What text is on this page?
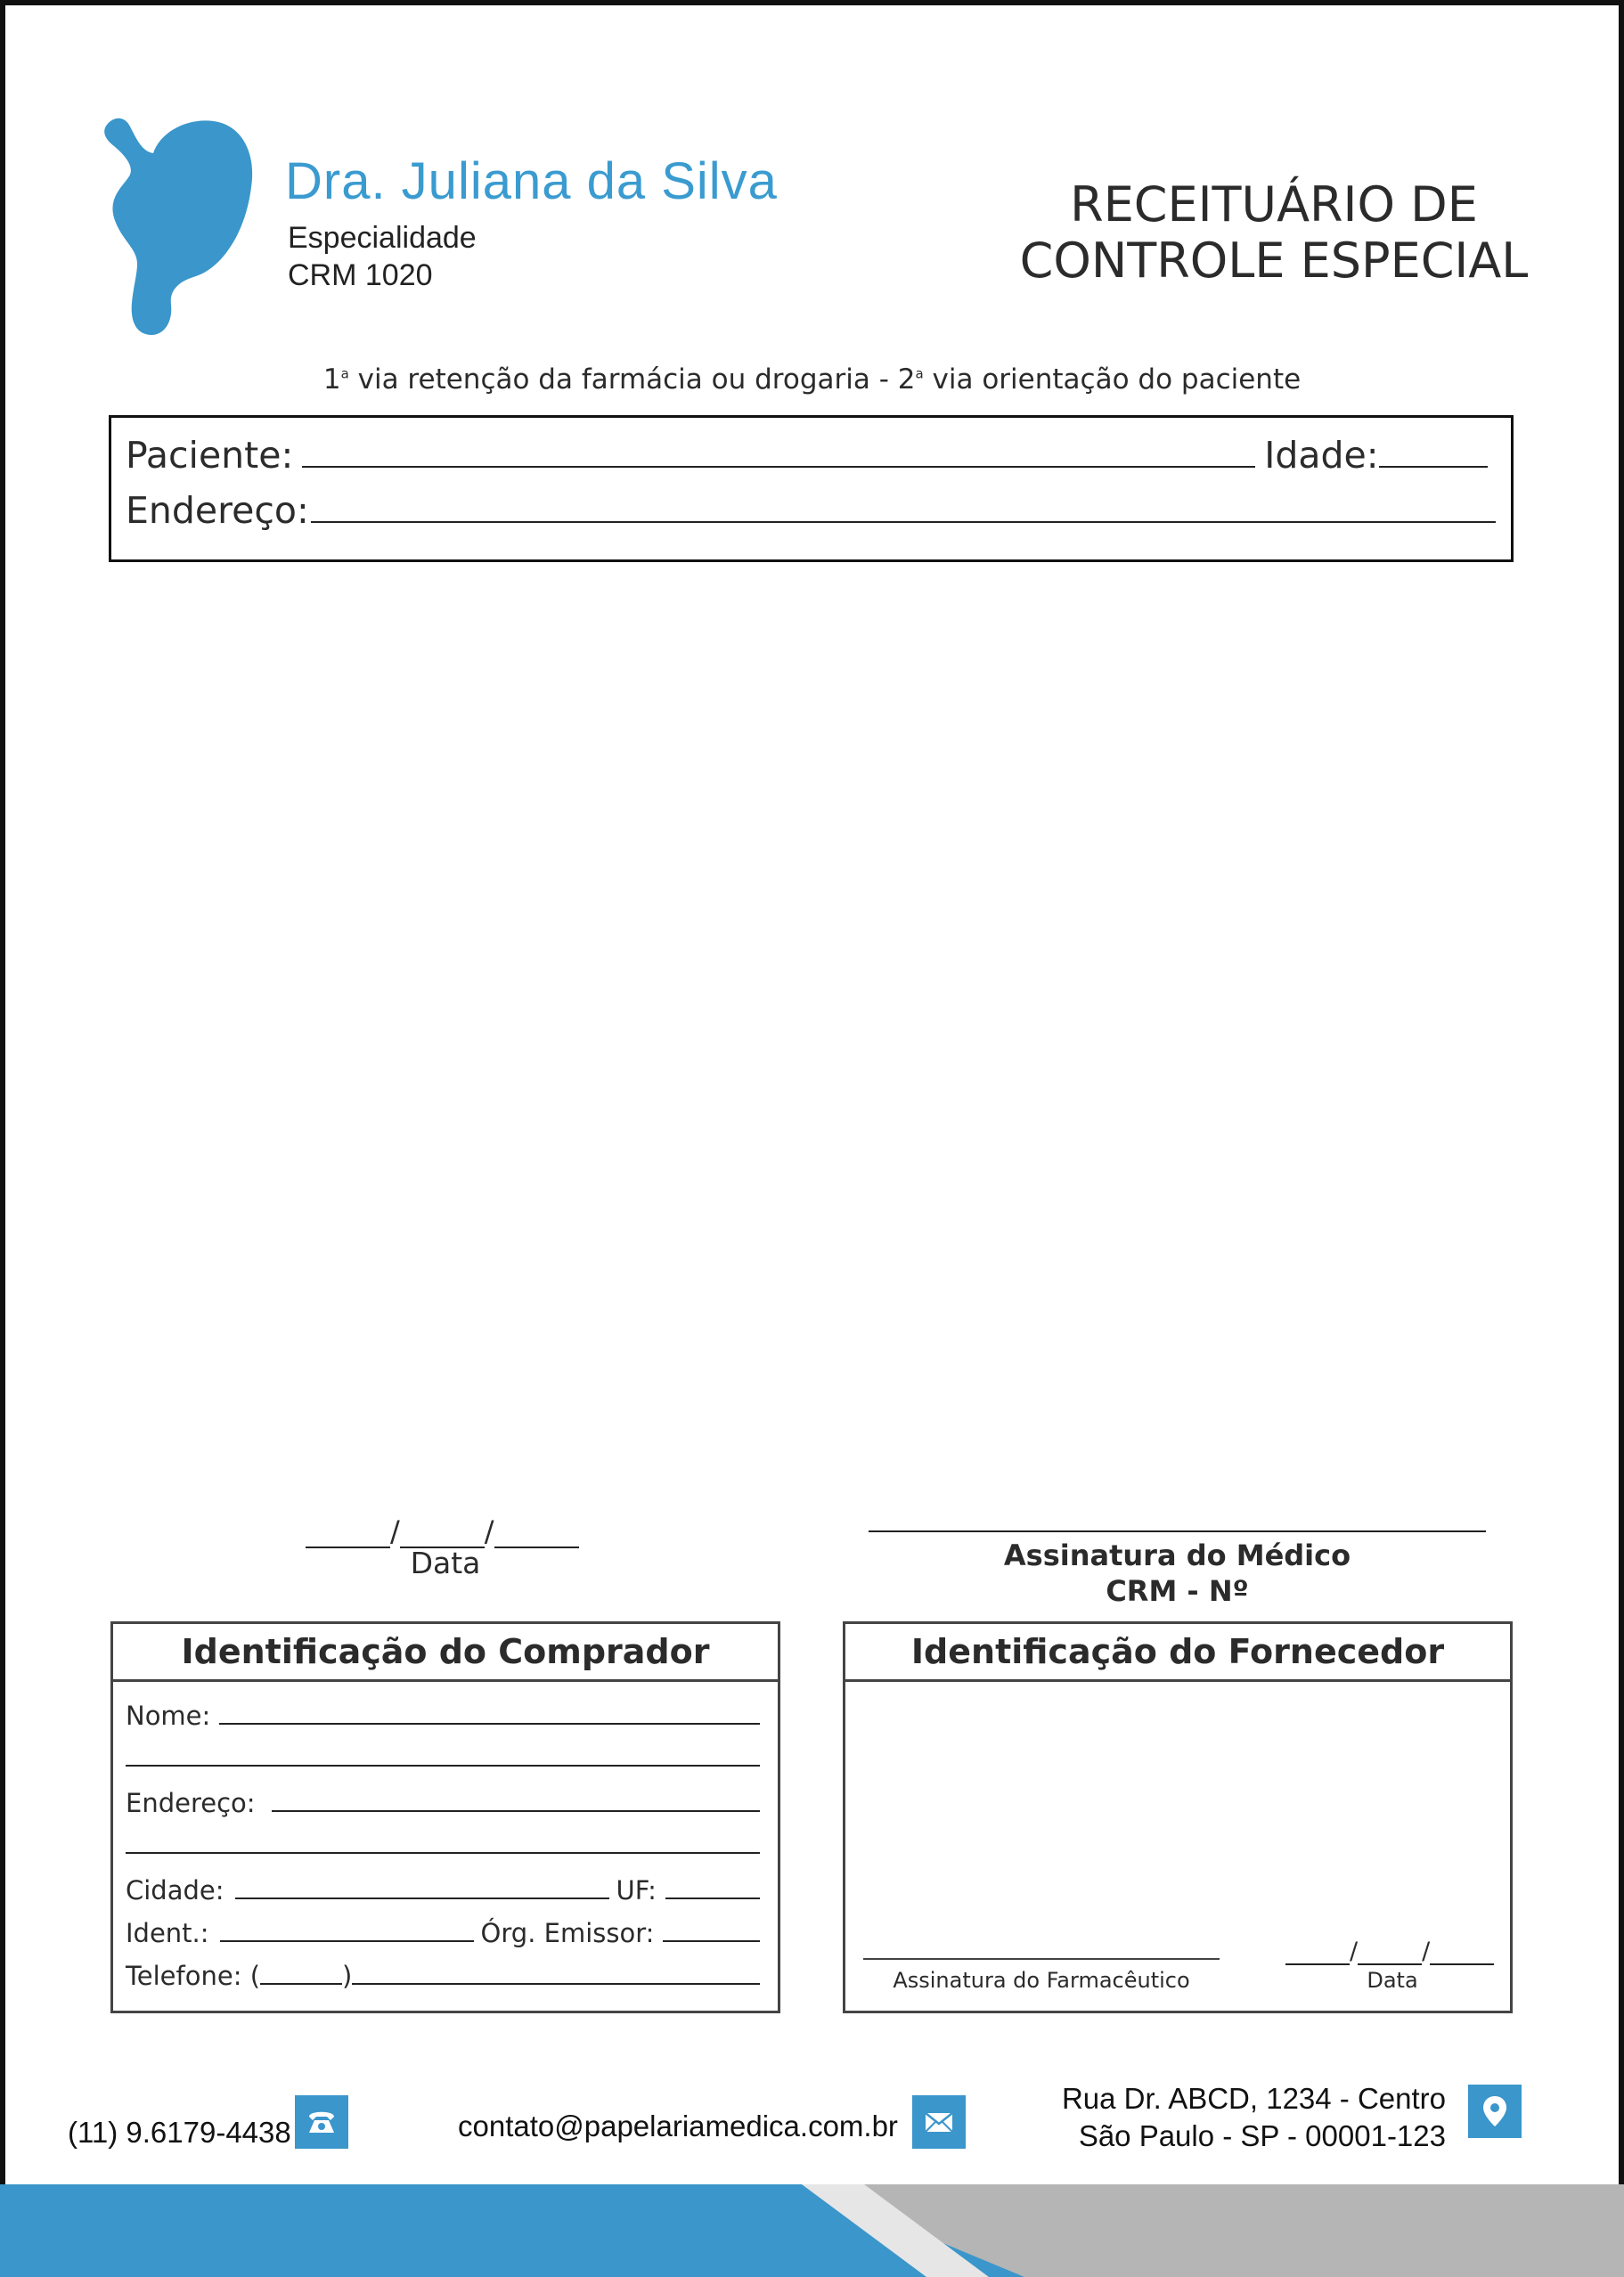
Dra. Juliana da Silva
Especialidade
CRM 1020
RECEITUÁRIO DE
CONTROLE ESPECIAL
1$^a$ via retenção da farmácia ou drogaria - 2$^a$ via orientação do paciente
Paciente:	Idade:
Endereço:
/	/
Data	Assinatura do Médico
CRM - Nº
Identificação do Comprador
Nome:
Endereço:
Cidade:	UF:
Ident.:	Órg. Emissor:
Telefone: (	)
Identificação do Fornecedor
Assinatura do Farmacêutico
/	/
Data
(11) 9.6179-4438	contato@papelariamedica.com.br
Rua Dr. ABCD, 1234 - Centro
São Paulo - SP - 00001-123
